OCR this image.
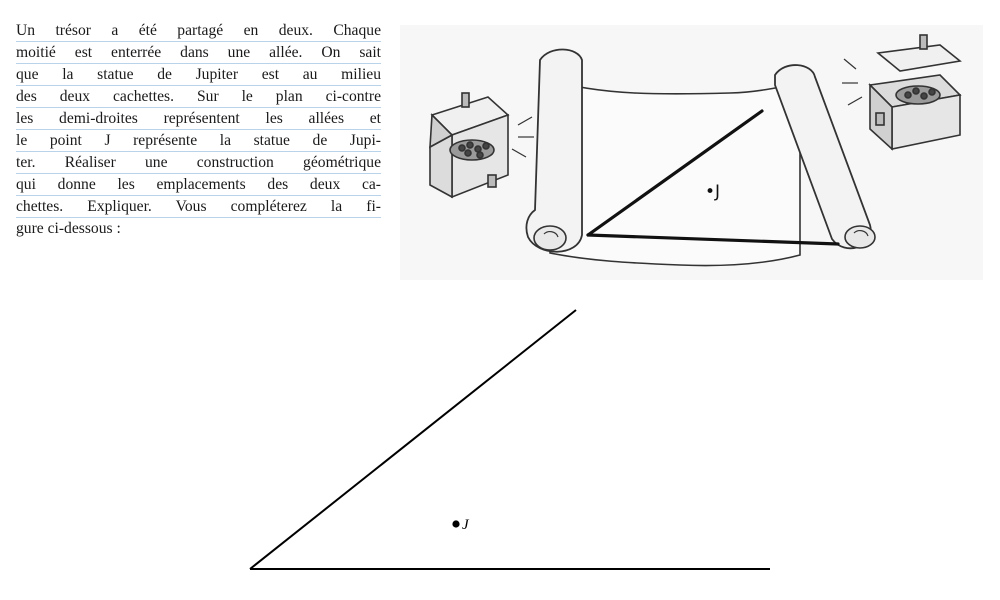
Un trésor a été partagé en deux. Chaque
moitié est enterrée dans une allée. On sait
que la statue de Jupiter est au milieu
des deux cachettes. Sur le plan ci-contre
les demi-droites représentent les allées et
le point J représente la statue de Jupi-
ter. Réaliser une construction géométrique
qui donne les emplacements des deux ca-
chettes. Expliquer. Vous compléterez la fi-
gure ci-dessous :
•J
J
